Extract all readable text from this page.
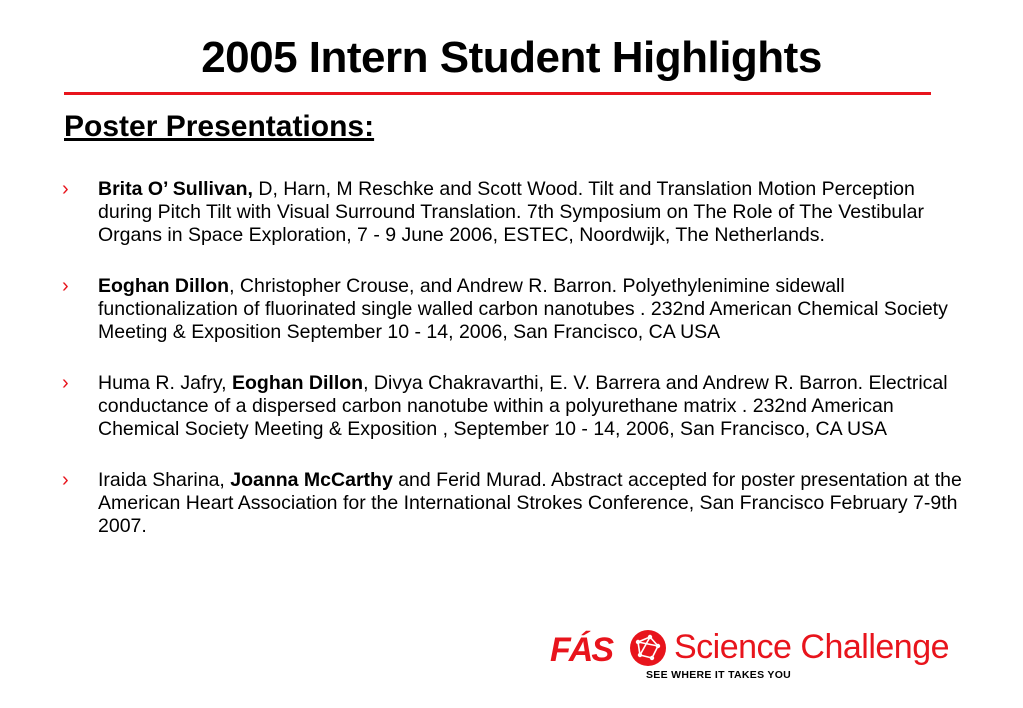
2005 Intern Student Highlights
Poster Presentations:
› Brita O’ Sullivan, D, Harn, M Reschke and Scott Wood. Tilt and Translation Motion Perception during Pitch Tilt with Visual Surround Translation. 7th Symposium on The Role of The Vestibular Organs in Space Exploration, 7 - 9 June 2006, ESTEC, Noordwijk, The Netherlands.
› Eoghan Dillon, Christopher Crouse, and Andrew R. Barron. Polyethylenimine sidewall functionalization of fluorinated single walled carbon nanotubes . 232nd American Chemical Society Meeting & Exposition September 10 - 14, 2006, San Francisco, CA USA
› Huma R. Jafry, Eoghan Dillon, Divya Chakravarthi, E. V. Barrera and Andrew R. Barron. Electrical conductance of a dispersed carbon nanotube within a polyurethane matrix . 232nd American Chemical Society Meeting & Exposition , September 10 - 14, 2006, San Francisco, CA USA
› Iraida Sharina, Joanna McCarthy and Ferid Murad. Abstract accepted for poster presentation at the American Heart Association for the International Strokes Conference, San Francisco February 7-9th 2007.
FÁS Science Challenge
SEE WHERE IT TAKES YOU
